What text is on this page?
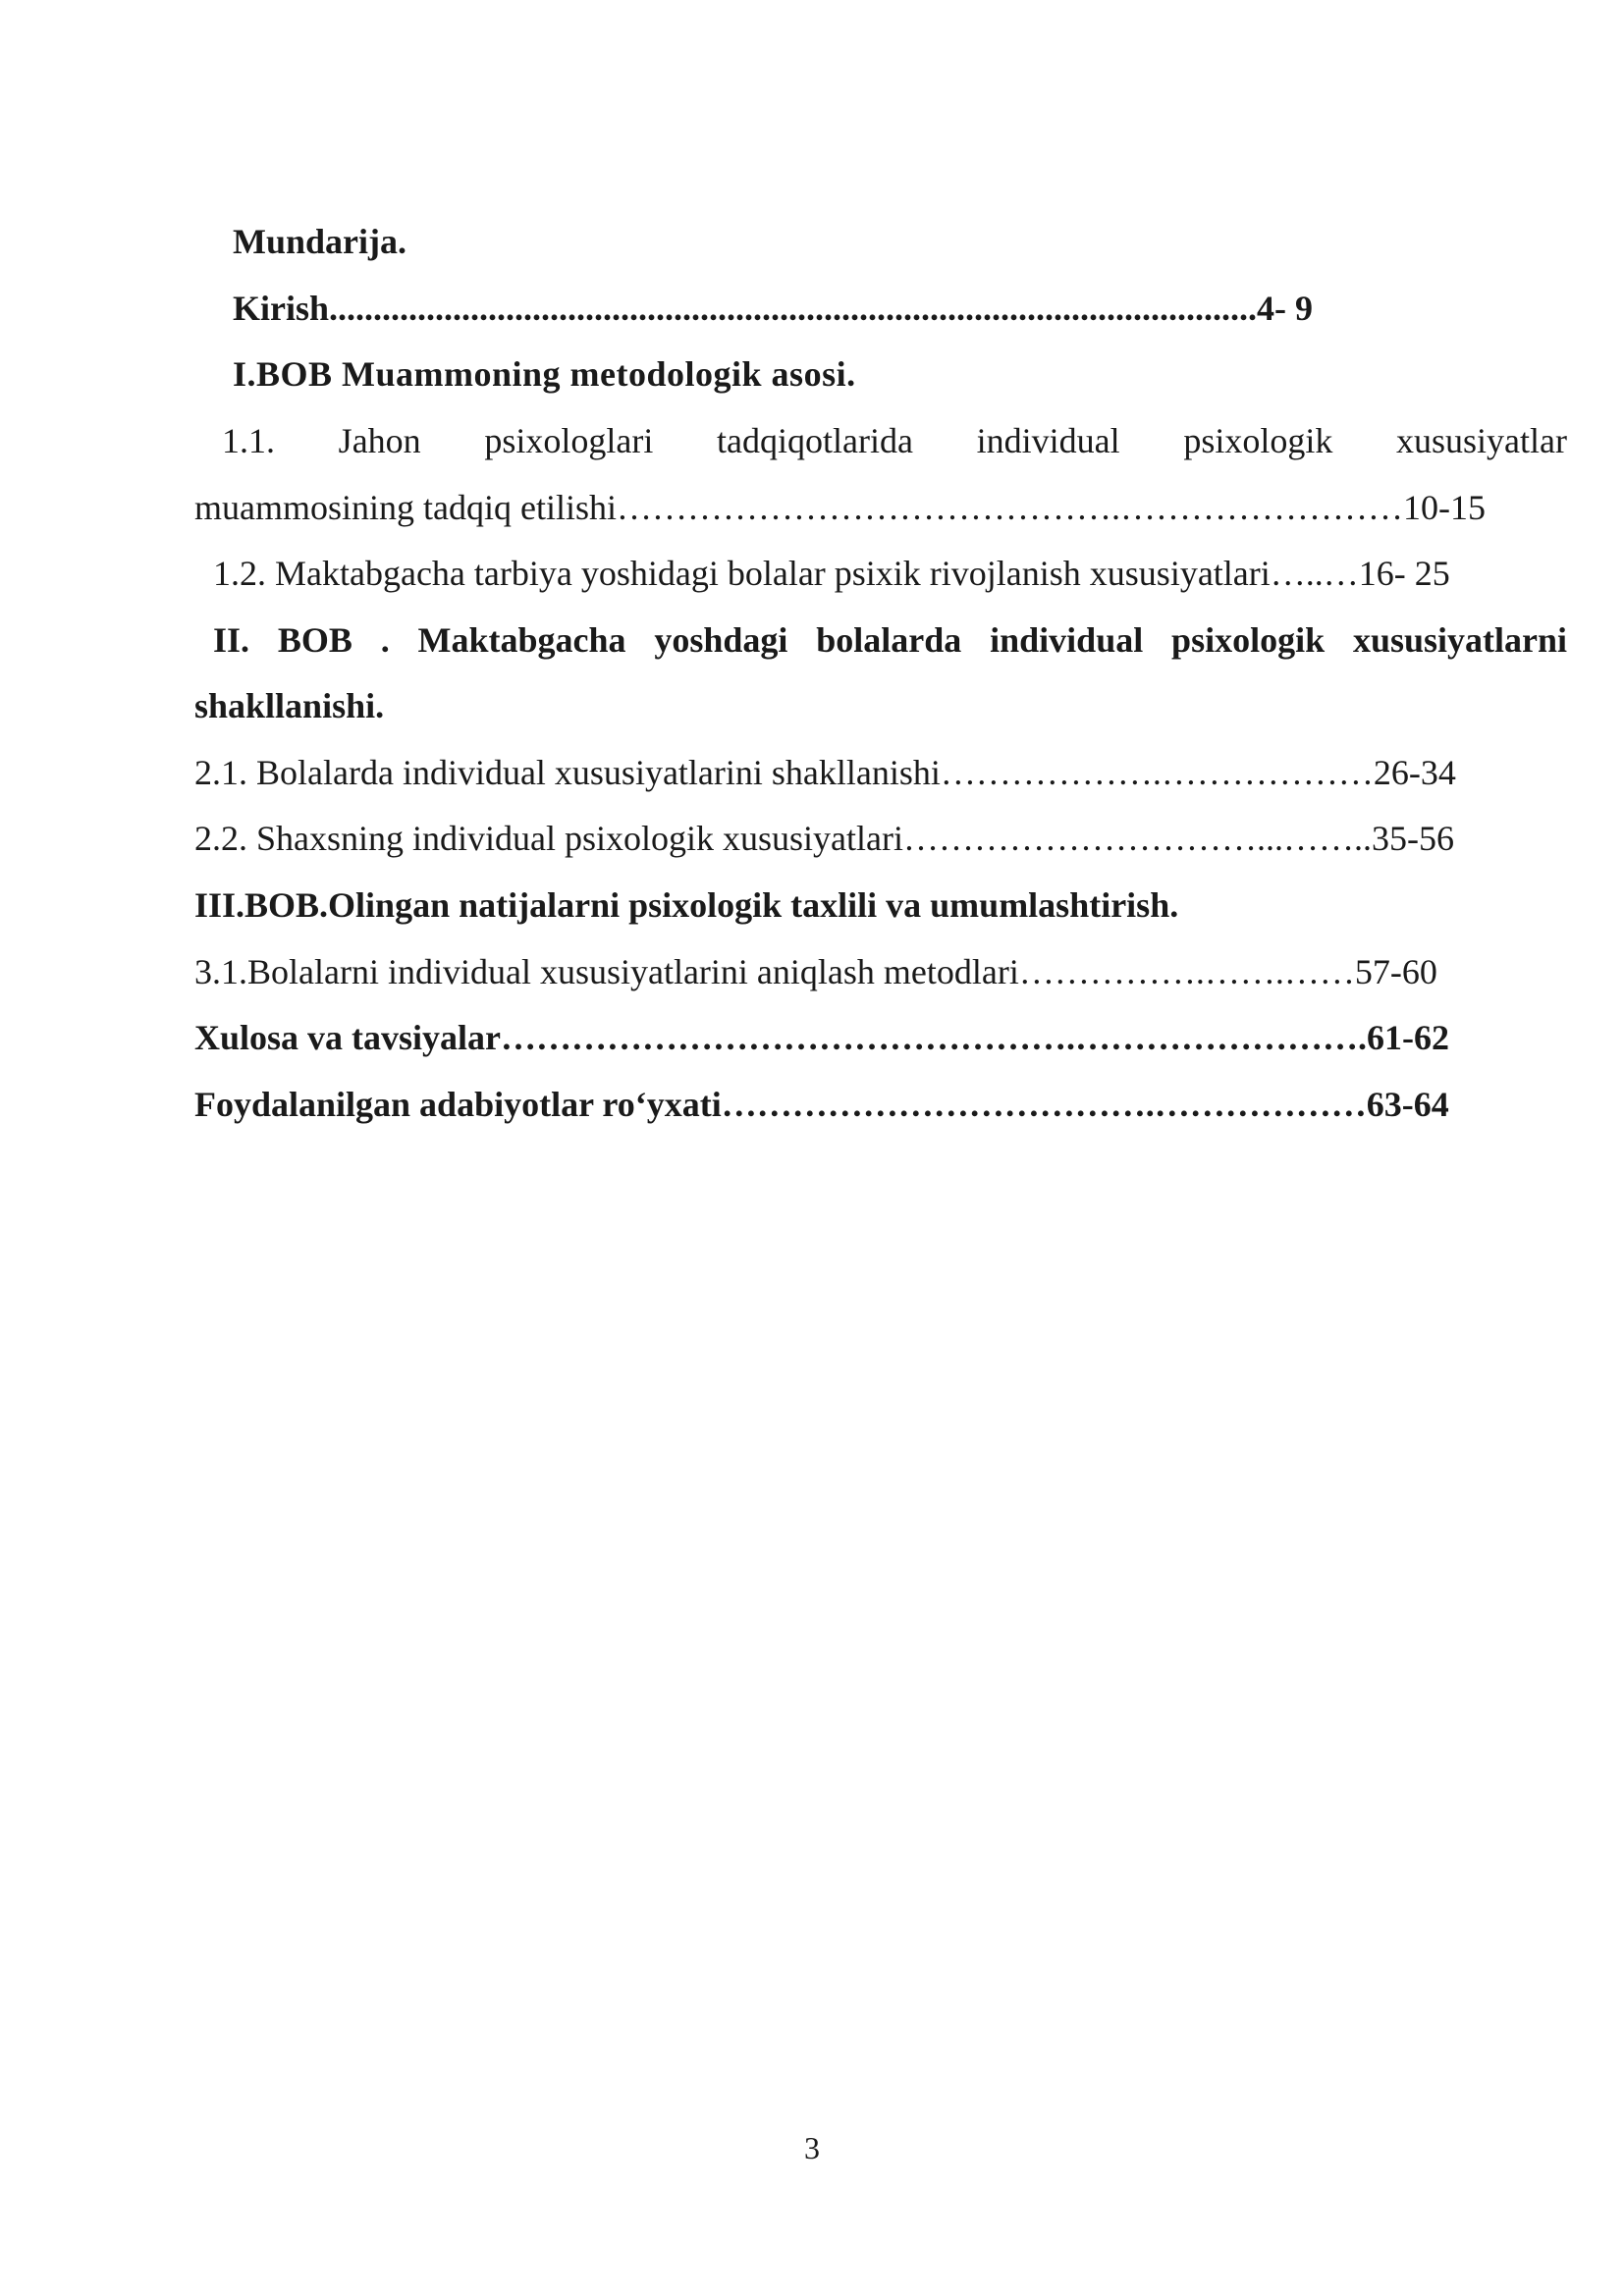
Mundarija.
Kirish.........................................................................................................4- 9
I.BOB Muammoning metodologik asosi.
1.1. Jahon psixologlari tadqiqotlarida individual psixologik xususiyatlar
muammosining tadqiq etilishi…………………………………….……………………10-15
1.2. Maktabgacha tarbiya yoshidagi bolalar psixik rivojlanish xususiyatlari…..…16- 25
II. BOB . Maktabgacha yoshdagi bolalarda individual psixologik xususiyatlarni
shakllanishi.
2.1. Bolalarda individual xususiyatlarini shakllanishi……………….………………26-34
2.2. Shaxsning individual psixologik xususiyatlari…………………………...……..35-56
III.BOB.Olingan natijalarni psixologik taxlili va umumlashtirish.
3.1.Bolalarni individual xususiyatlarini aniqlash metodlari…………….…….……57-60
Xulosa va tavsiyalar………………………………………….…………………….61-62
Foydalanilgan adabiyotlar ro‘yxati……………………………….………………63-64
3
